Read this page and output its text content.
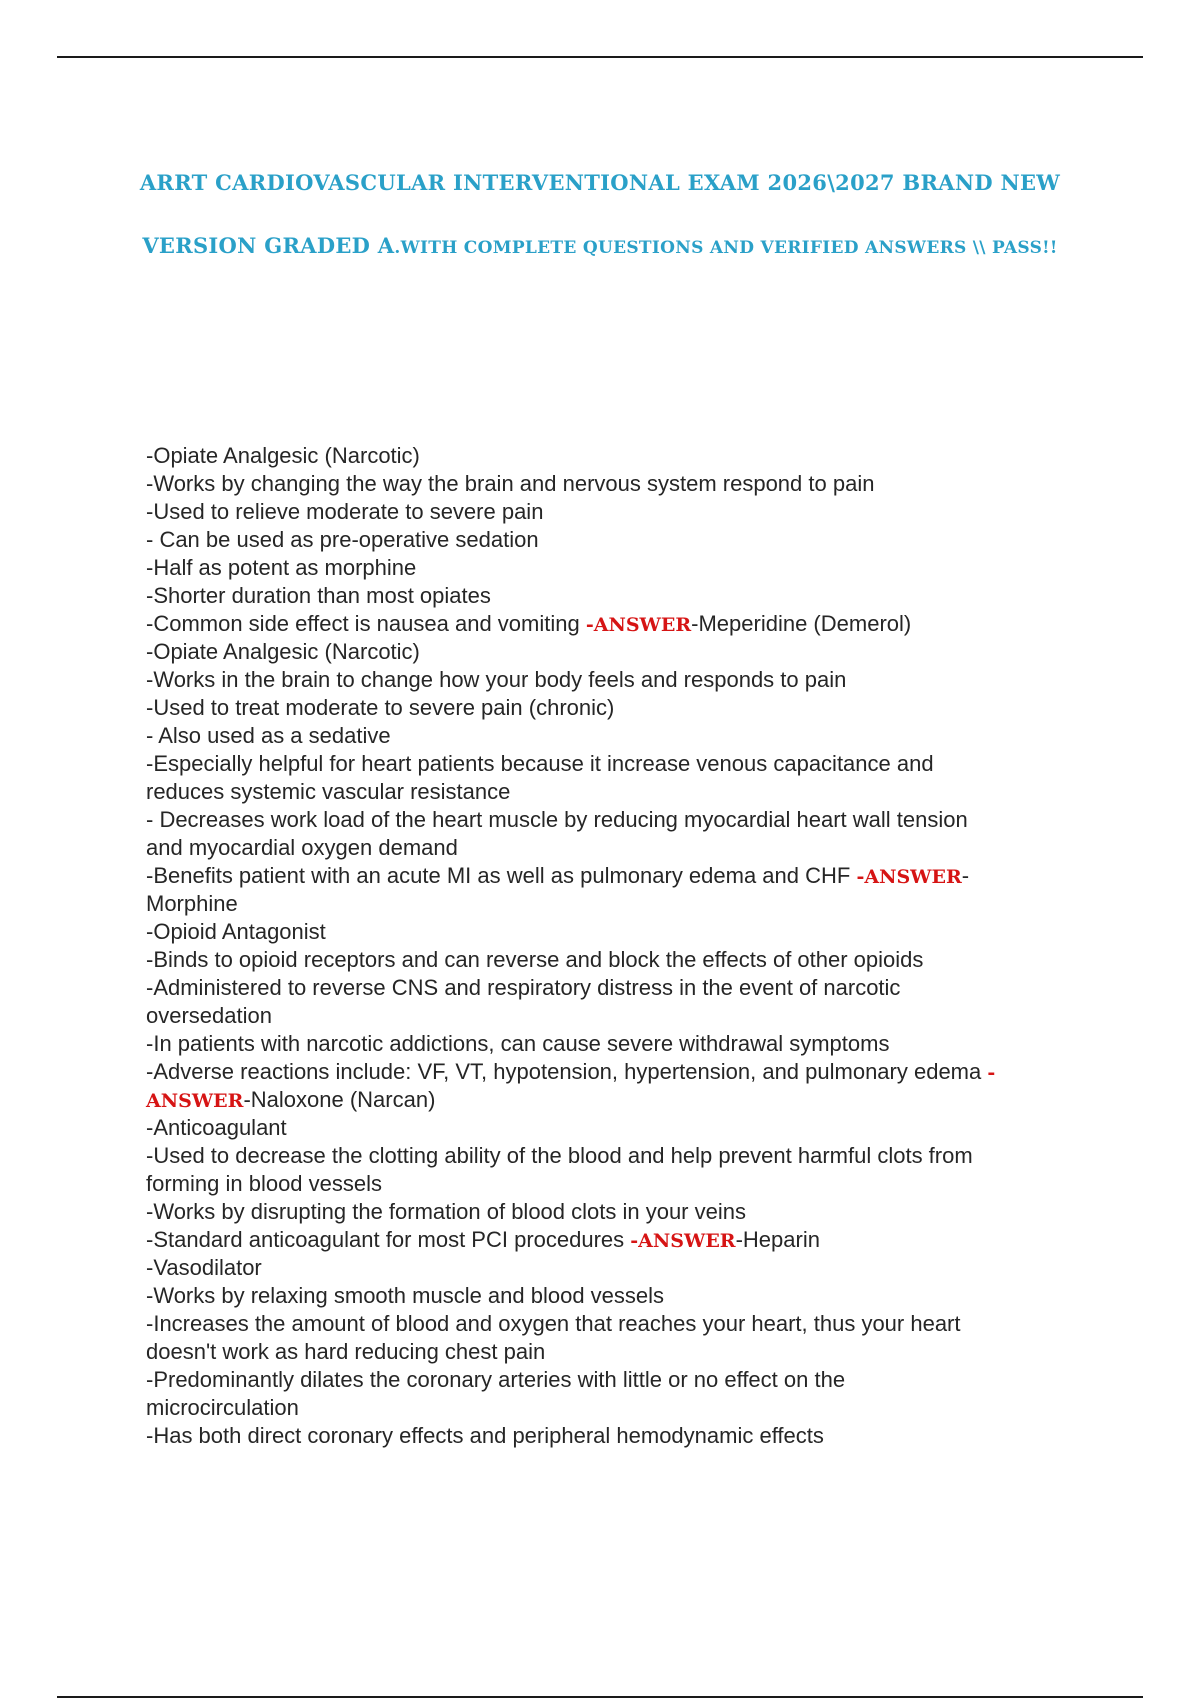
ARRT CARDIOVASCULAR INTERVENTIONAL EXAM 2026\2027 BRAND NEW
VERSION GRADED A.WITH COMPLETE QUESTIONS AND VERIFIED ANSWERS \\ PASS!!
-Opiate Analgesic (Narcotic)
-Works by changing the way the brain and nervous system respond to pain
-Used to relieve moderate to severe pain
- Can be used as pre-operative sedation
-Half as potent as morphine
-Shorter duration than most opiates
-Common side effect is nausea and vomiting -ANSWER-Meperidine (Demerol)
-Opiate Analgesic (Narcotic)
-Works in the brain to change how your body feels and responds to pain
-Used to treat moderate to severe pain (chronic)
- Also used as a sedative
-Especially helpful for heart patients because it increase venous capacitance and
reduces systemic vascular resistance
- Decreases work load of the heart muscle by reducing myocardial heart wall tension
and myocardial oxygen demand
-Benefits patient with an acute MI as well as pulmonary edema and CHF -ANSWER-
Morphine
-Opioid Antagonist
-Binds to opioid receptors and can reverse and block the effects of other opioids
-Administered to reverse CNS and respiratory distress in the event of narcotic
oversedation
-In patients with narcotic addictions, can cause severe withdrawal symptoms
-Adverse reactions include: VF, VT, hypotension, hypertension, and pulmonary edema -
ANSWER-Naloxone (Narcan)
-Anticoagulant
-Used to decrease the clotting ability of the blood and help prevent harmful clots from
forming in blood vessels
-Works by disrupting the formation of blood clots in your veins
-Standard anticoagulant for most PCI procedures -ANSWER-Heparin
-Vasodilator
-Works by relaxing smooth muscle and blood vessels
-Increases the amount of blood and oxygen that reaches your heart, thus your heart
doesn't work as hard reducing chest pain
-Predominantly dilates the coronary arteries with little or no effect on the
microcirculation
-Has both direct coronary effects and peripheral hemodynamic effects
